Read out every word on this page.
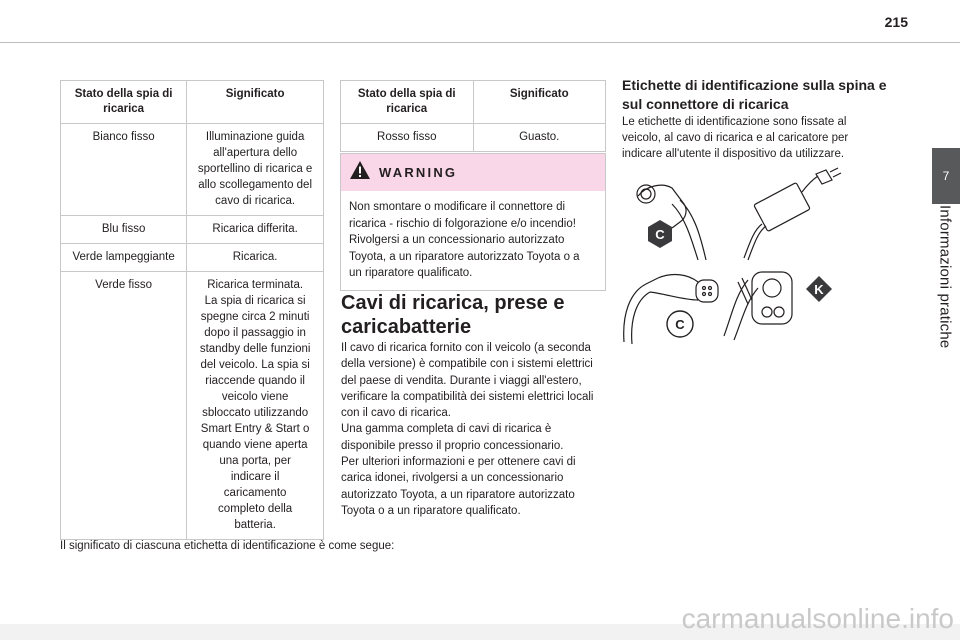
215
7
Informazioni pratiche
Stato della spia di ricarica	Significato
Bianco fisso	Illuminazione guida all'apertura dello sportellino di ricarica e allo scollegamento del cavo di ricarica.
Blu fisso	Ricarica differita.
Verde lampeggiante	Ricarica.
Verde fisso	Ricarica terminata. La spia di ricarica si spegne circa 2 minuti dopo il passaggio in standby delle funzioni del veicolo. La spia si riaccende quando il veicolo viene sbloccato utilizzando Smart Entry & Start o quando viene aperta una porta, per indicare il caricamento completo della batteria.
Il significato di ciascuna etichetta di identificazione è come segue:
Stato della spia di ricarica	Significato
Rosso fisso	Guasto.
WARNING
Non smontare o modificare il connettore di ricarica - rischio di folgorazione e/o incendio! Rivolgersi a un concessionario autorizzato Toyota, a un riparatore autorizzato Toyota o a un riparatore qualificato.
Cavi di ricarica, prese e caricabatterie

Il cavo di ricarica fornito con il veicolo (a seconda della versione) è compatibile con i sistemi elettrici del paese di vendita. Durante i viaggi all'estero, verificare la compatibilità dei sistemi elettrici locali con il cavo di ricarica.

Una gamma completa di cavi di ricarica è disponibile presso il proprio concessionario.

Per ulteriori informazioni e per ottenere cavi di carica idonei, rivolgersi a un concessionario autorizzato Toyota, a un riparatore autorizzato Toyota o a un riparatore qualificato.

Etichette di identificazione sulla spina e sul connettore di ricarica
Le etichette di identificazione sono fissate al veicolo, al cavo di ricarica e al caricatore per indicare all'utente il dispositivo da utilizzare.
C
C
K
carmanualsonline.info
